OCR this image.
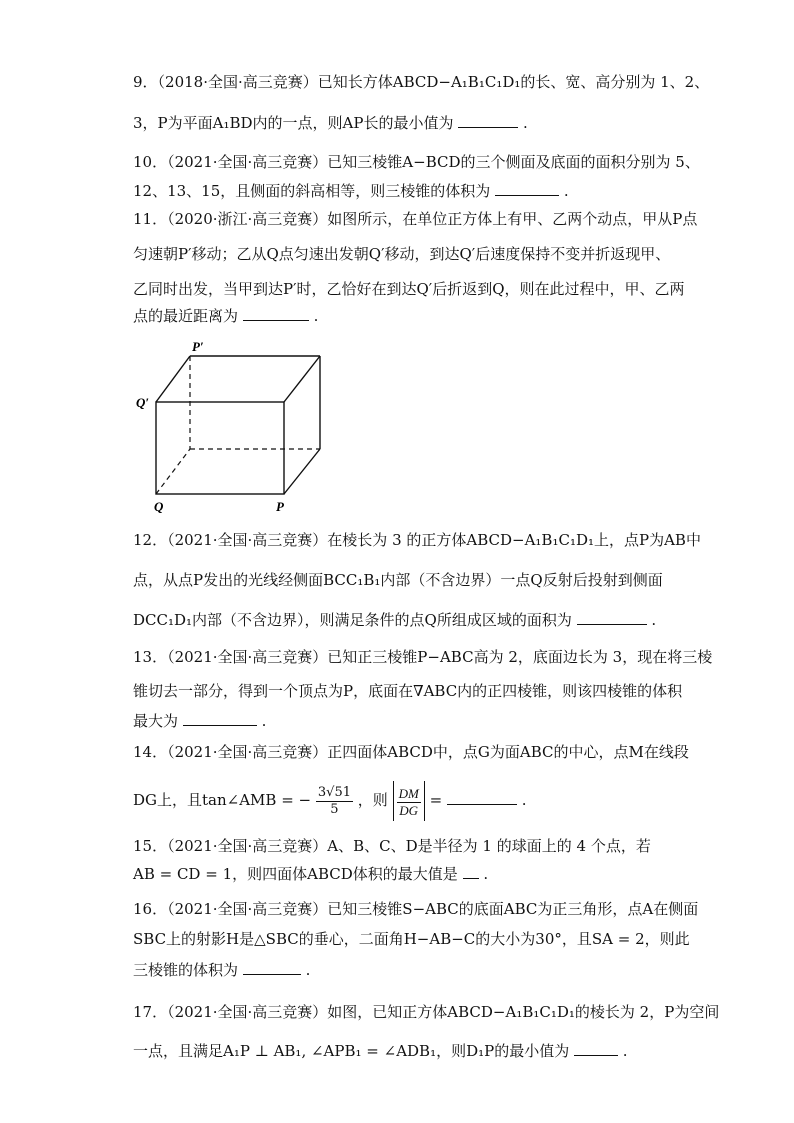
9．（2018·全国·高三竞赛）已知长方体ABCD−A₁B₁C₁D₁的长、宽、高分别为 1、2、
3，P为平面A₁BD内的一点，则AP长的最小值为	.
10．（2021·全国·高三竞赛）已知三棱锥A−BCD的三个侧面及底面的面积分别为 5、
12、13、15，且侧面的斜高相等，则三棱锥的体积为	.
11．（2020·浙江·高三竞赛）如图所示，在单位正方体上有甲、乙两个动点，甲从P点
匀速朝P′移动；乙从Q点匀速出发朝Q′移动，到达Q′后速度保持不变并折返现甲、
乙同时出发，当甲到达P′时，乙恰好在到达Q′后折返到Q，则在此过程中，甲、乙两
点的最近距离为	.
P′
Q′
Q	P
12．（2021·全国·高三竞赛）在棱长为 3 的正方体ABCD−A₁B₁C₁D₁上，点P为AB中
点，从点P发出的光线经侧面BCC₁B₁内部（不含边界）一点Q反射后投射到侧面
DCC₁D₁内部（不含边界），则满足条件的点Q所组成区域的面积为	.
13．（2021·全国·高三竞赛）已知正三棱锥P−ABC高为 2，底面边长为 3，现在将三棱
锥切去一部分，得到一个顶点为P，底面在∇ABC内的正四棱锥，则该四棱锥的体积
最大为	.
14．（2021·全国·高三竞赛）正四面体ABCD中，点G为面ABC的中心，点M在线段
DG上，且tan∠AMB = − $\frac{3√51}{5}$ ，则 $\frac{DM}{DG}$ =	.
15．（2021·全国·高三竞赛）A、B、C、D是半径为 1 的球面上的 4 个点，若
AB = CD = 1，则四面体ABCD体积的最大值是 .
16．（2021·全国·高三竞赛）已知三棱锥S−ABC的底面ABC为正三角形，点A在侧面
SBC上的射影H是△SBC的垂心，二面角H−AB−C的大小为30°，且SA = 2，则此
三棱锥的体积为	.
17．（2021·全国·高三竞赛）如图，已知正方体ABCD−A₁B₁C₁D₁的棱长为 2，P为空间
一点，且满足A₁P ⊥ AB₁, ∠APB₁ = ∠ADB₁，则D₁P的最小值为	.
